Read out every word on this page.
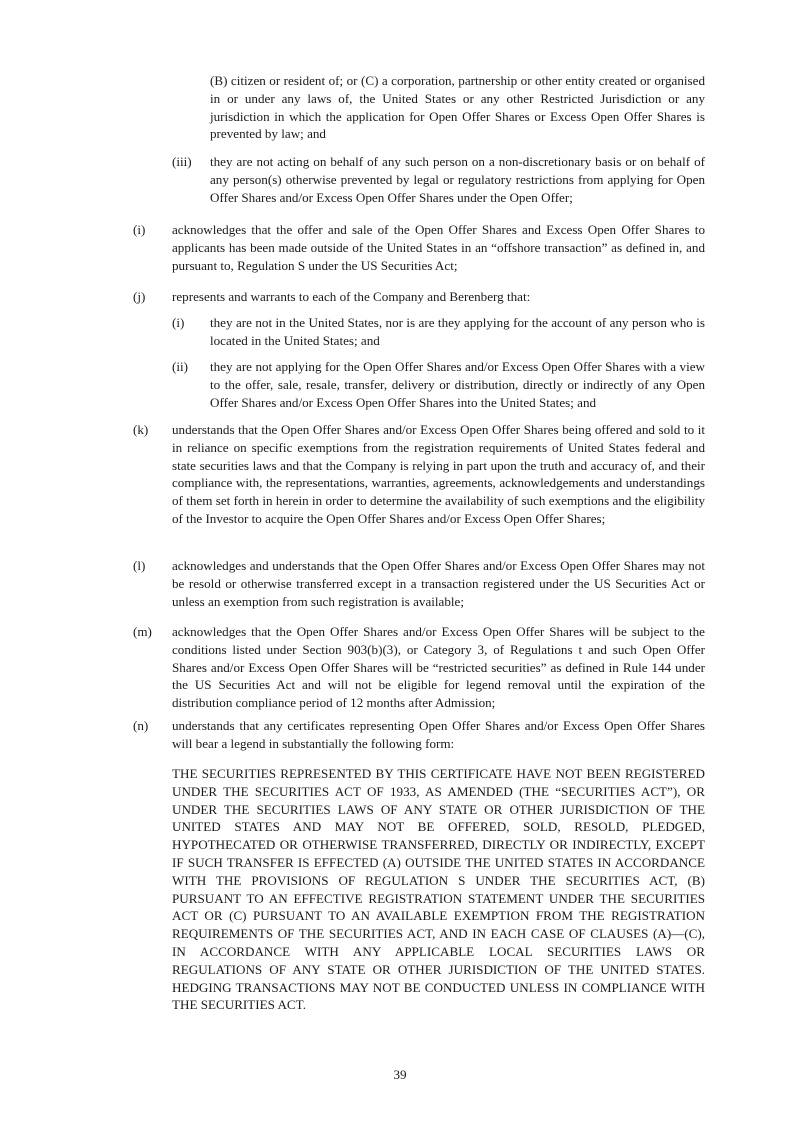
(B) citizen or resident of; or (C) a corporation, partnership or other entity created or organised in or under any laws of, the United States or any other Restricted Jurisdiction or any jurisdiction in which the application for Open Offer Shares or Excess Open Offer Shares is prevented by law; and
(iii) they are not acting on behalf of any such person on a non-discretionary basis or on behalf of any person(s) otherwise prevented by legal or regulatory restrictions from applying for Open Offer Shares and/or Excess Open Offer Shares under the Open Offer;
(i) acknowledges that the offer and sale of the Open Offer Shares and Excess Open Offer Shares to applicants has been made outside of the United States in an “offshore transaction” as defined in, and pursuant to, Regulation S under the US Securities Act;
(j) represents and warrants to each of the Company and Berenberg that:
(i) they are not in the United States, nor is are they applying for the account of any person who is located in the United States; and
(ii) they are not applying for the Open Offer Shares and/or Excess Open Offer Shares with a view to the offer, sale, resale, transfer, delivery or distribution, directly or indirectly of any Open Offer Shares and/or Excess Open Offer Shares into the United States; and
(k) understands that the Open Offer Shares and/or Excess Open Offer Shares being offered and sold to it in reliance on specific exemptions from the registration requirements of United States federal and state securities laws and that the Company is relying in part upon the truth and accuracy of, and their compliance with, the representations, warranties, agreements, acknowledgements and understandings of them set forth in herein in order to determine the availability of such exemptions and the eligibility of the Investor to acquire the Open Offer Shares and/or Excess Open Offer Shares;
(l) acknowledges and understands that the Open Offer Shares and/or Excess Open Offer Shares may not be resold or otherwise transferred except in a transaction registered under the US Securities Act or unless an exemption from such registration is available;
(m) acknowledges that the Open Offer Shares and/or Excess Open Offer Shares will be subject to the conditions listed under Section 903(b)(3), or Category 3, of Regulations t and such Open Offer Shares and/or Excess Open Offer Shares will be “restricted securities” as defined in Rule 144 under the US Securities Act and will not be eligible for legend removal until the expiration of the distribution compliance period of 12 months after Admission;
(n) understands that any certificates representing Open Offer Shares and/or Excess Open Offer Shares will bear a legend in substantially the following form:
THE SECURITIES REPRESENTED BY THIS CERTIFICATE HAVE NOT BEEN REGISTERED UNDER THE SECURITIES ACT OF 1933, AS AMENDED (THE “SECURITIES ACT”), OR UNDER THE SECURITIES LAWS OF ANY STATE OR OTHER JURISDICTION OF THE UNITED STATES AND MAY NOT BE OFFERED, SOLD, RESOLD, PLEDGED, HYPOTHECATED OR OTHERWISE TRANSFERRED, DIRECTLY OR INDIRECTLY, EXCEPT IF SUCH TRANSFER IS EFFECTED (A) OUTSIDE THE UNITED STATES IN ACCORDANCE WITH THE PROVISIONS OF REGULATION S UNDER THE SECURITIES ACT, (B) PURSUANT TO AN EFFECTIVE REGISTRATION STATEMENT UNDER THE SECURITIES ACT OR (C) PURSUANT TO AN AVAILABLE EXEMPTION FROM THE REGISTRATION REQUIREMENTS OF THE SECURITIES ACT, AND IN EACH CASE OF CLAUSES (A)—(C), IN ACCORDANCE WITH ANY APPLICABLE LOCAL SECURITIES LAWS OR REGULATIONS OF ANY STATE OR OTHER JURISDICTION OF THE UNITED STATES. HEDGING TRANSACTIONS MAY NOT BE CONDUCTED UNLESS IN COMPLIANCE WITH THE SECURITIES ACT.
39
